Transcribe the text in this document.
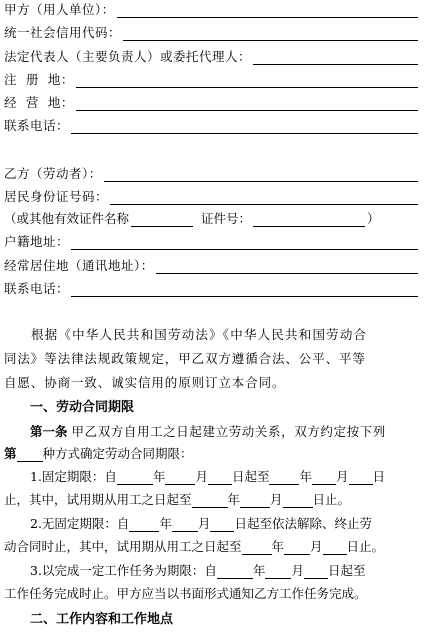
甲方（用人单位）：
统一社会信用代码：
法定代表人（主要负责人）或委托代理人：
注  册  地：
经  营  地：
联系电话：
乙方（劳动者）：
居民身份证号码：
（或其他有效证件名称	证件号：	）
户籍地址：
经常居住地（通讯地址）：
联系电话：
根据《中华人民共和国劳动法》《中华人民共和国劳动合
同法》等法律法规政策规定，甲乙双方遵循合法、公平、平等
自愿、协商一致、诚实信用的原则订立本合同。
一、劳动合同期限
第一条 甲乙双方自用工之日起建立劳动关系，双方约定按下列
第 种方式确定劳动合同期限：
1.固定期限：自	年 月 日起至 年 月 日
止，其中，试用期从用工之日起至	年 月 日止。
2.无固定期限：自 年 月 日起至依法解除、终止劳
动合同时止，其中，试用期从用工之日起至 年 月 日止。
3.以完成一定工作任务为期限：自	年 月 日起至
工作任务完成时止。甲方应当以书面形式通知乙方工作任务完成。
二、工作内容和工作地点
